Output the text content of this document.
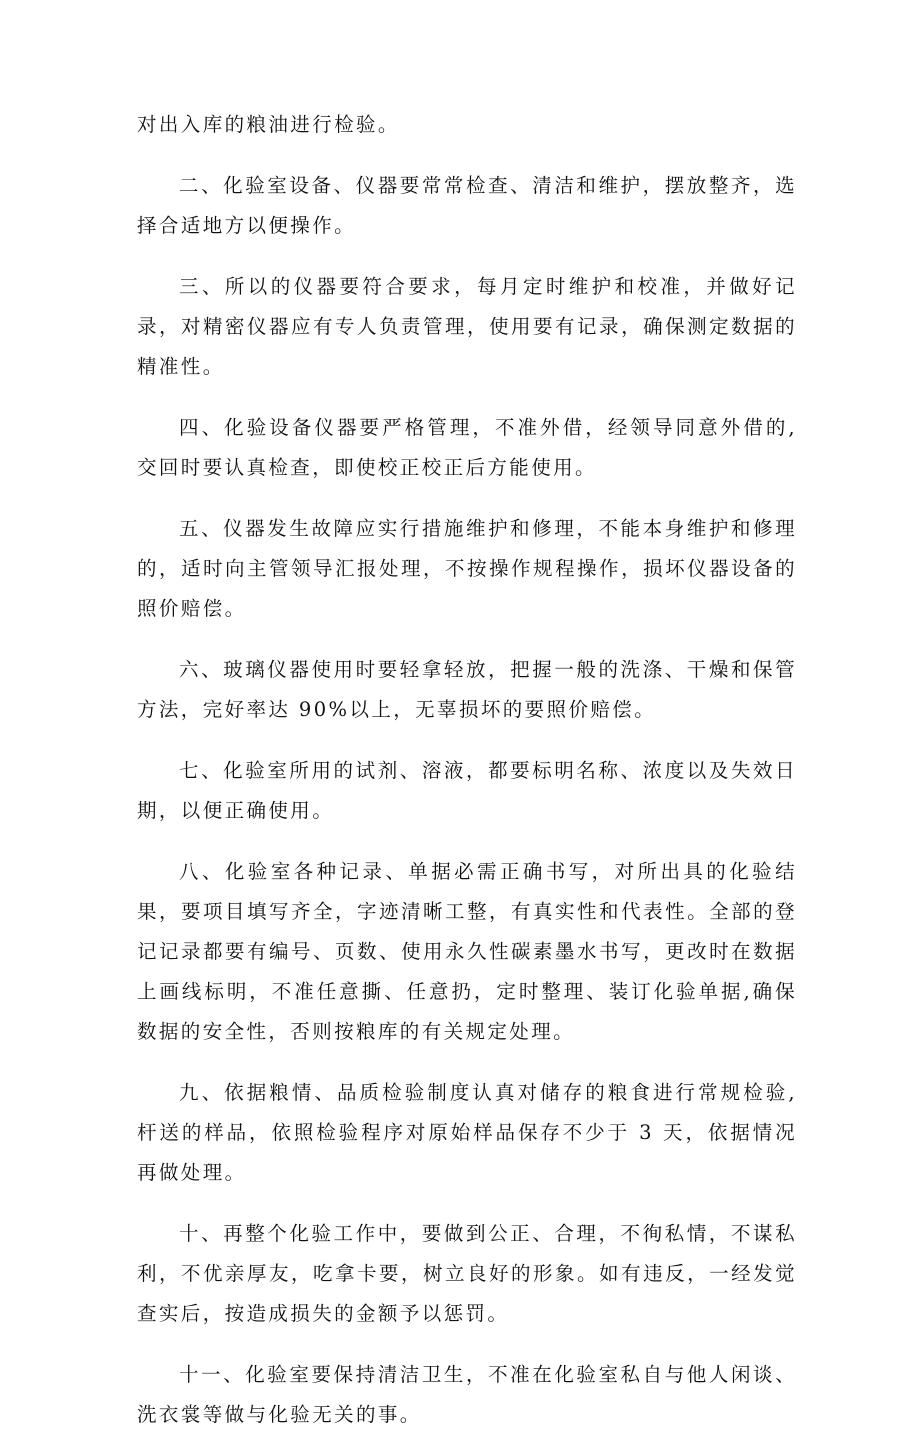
对出入库的粮油进行检验。

二、化验室设备、仪器要常常检查、清洁和维护，摆放整齐，选择合适地方以便操作。

三、所以的仪器要符合要求，每月定时维护和校准，并做好记录，对精密仪器应有专人负责管理，使用要有记录，确保测定数据的精准性。

四、化验设备仪器要严格管理，不准外借，经领导同意外借的,交回时要认真检查，即使校正校正后方能使用。

五、仪器发生故障应实行措施维护和修理，不能本身维护和修理的，适时向主管领导汇报处理，不按操作规程操作，损坏仪器设备的照价赔偿。

六、玻璃仪器使用时要轻拿轻放，把握一般的洗涤、干燥和保管方法，完好率达 90%以上，无辜损坏的要照价赔偿。

七、化验室所用的试剂、溶液，都要标明名称、浓度以及失效日期，以便正确使用。

八、化验室各种记录、单据必需正确书写，对所出具的化验结果，要项目填写齐全，字迹清晰工整，有真实性和代表性。全部的登记记录都要有编号、页数、使用永久性碳素墨水书写，更改时在数据上画线标明，不准任意撕、任意扔，定时整理、装订化验单据,确保数据的安全性，否则按粮库的有关规定处理。

九、依据粮情、品质检验制度认真对储存的粮食进行常规检验,杆送的样品，依照检验程序对原始样品保存不少于 3 天，依据情况再做处理。

十、再整个化验工作中，要做到公正、合理，不徇私情，不谋私利，不优亲厚友，吃拿卡要，树立良好的形象。如有违反，一经发觉查实后，按造成损失的金额予以惩罚。

十一、化验室要保持清洁卫生，不准在化验室私自与他人闲谈、洗衣裳等做与化验无关的事。
